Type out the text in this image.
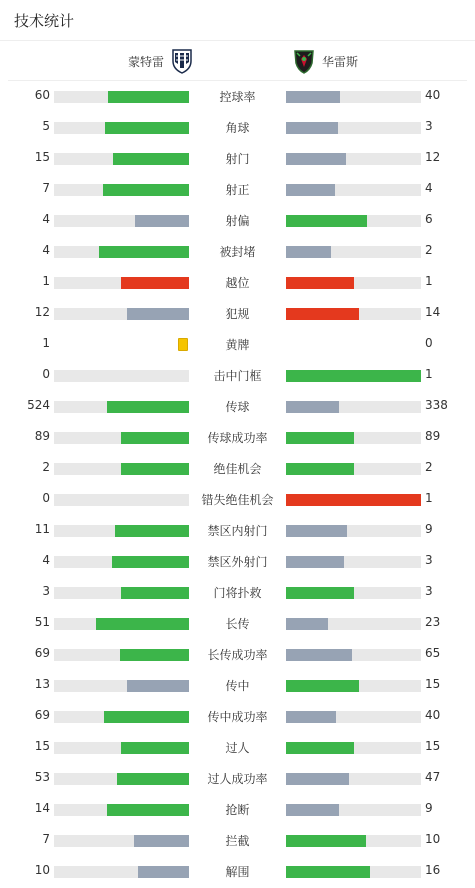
技术统计
蒙特雷	华雷斯
60	控球率	40
5	角球	3
15	射门	12
7	射正	4
4	射偏	6
4	被封堵	2
1	越位	1
12	犯规	14
1	黄牌	0
0	击中门框	1
524	传球	338
89	传球成功率	89
2	绝佳机会	2
0	错失绝佳机会	1
11	禁区内射门	9
4	禁区外射门	3
3	门将扑救	3
51	长传	23
69	长传成功率	65
13	传中	15
69	传中成功率	40
15	过人	15
53	过人成功率	47
14	抢断	9
7	拦截	10
10	解围	16
